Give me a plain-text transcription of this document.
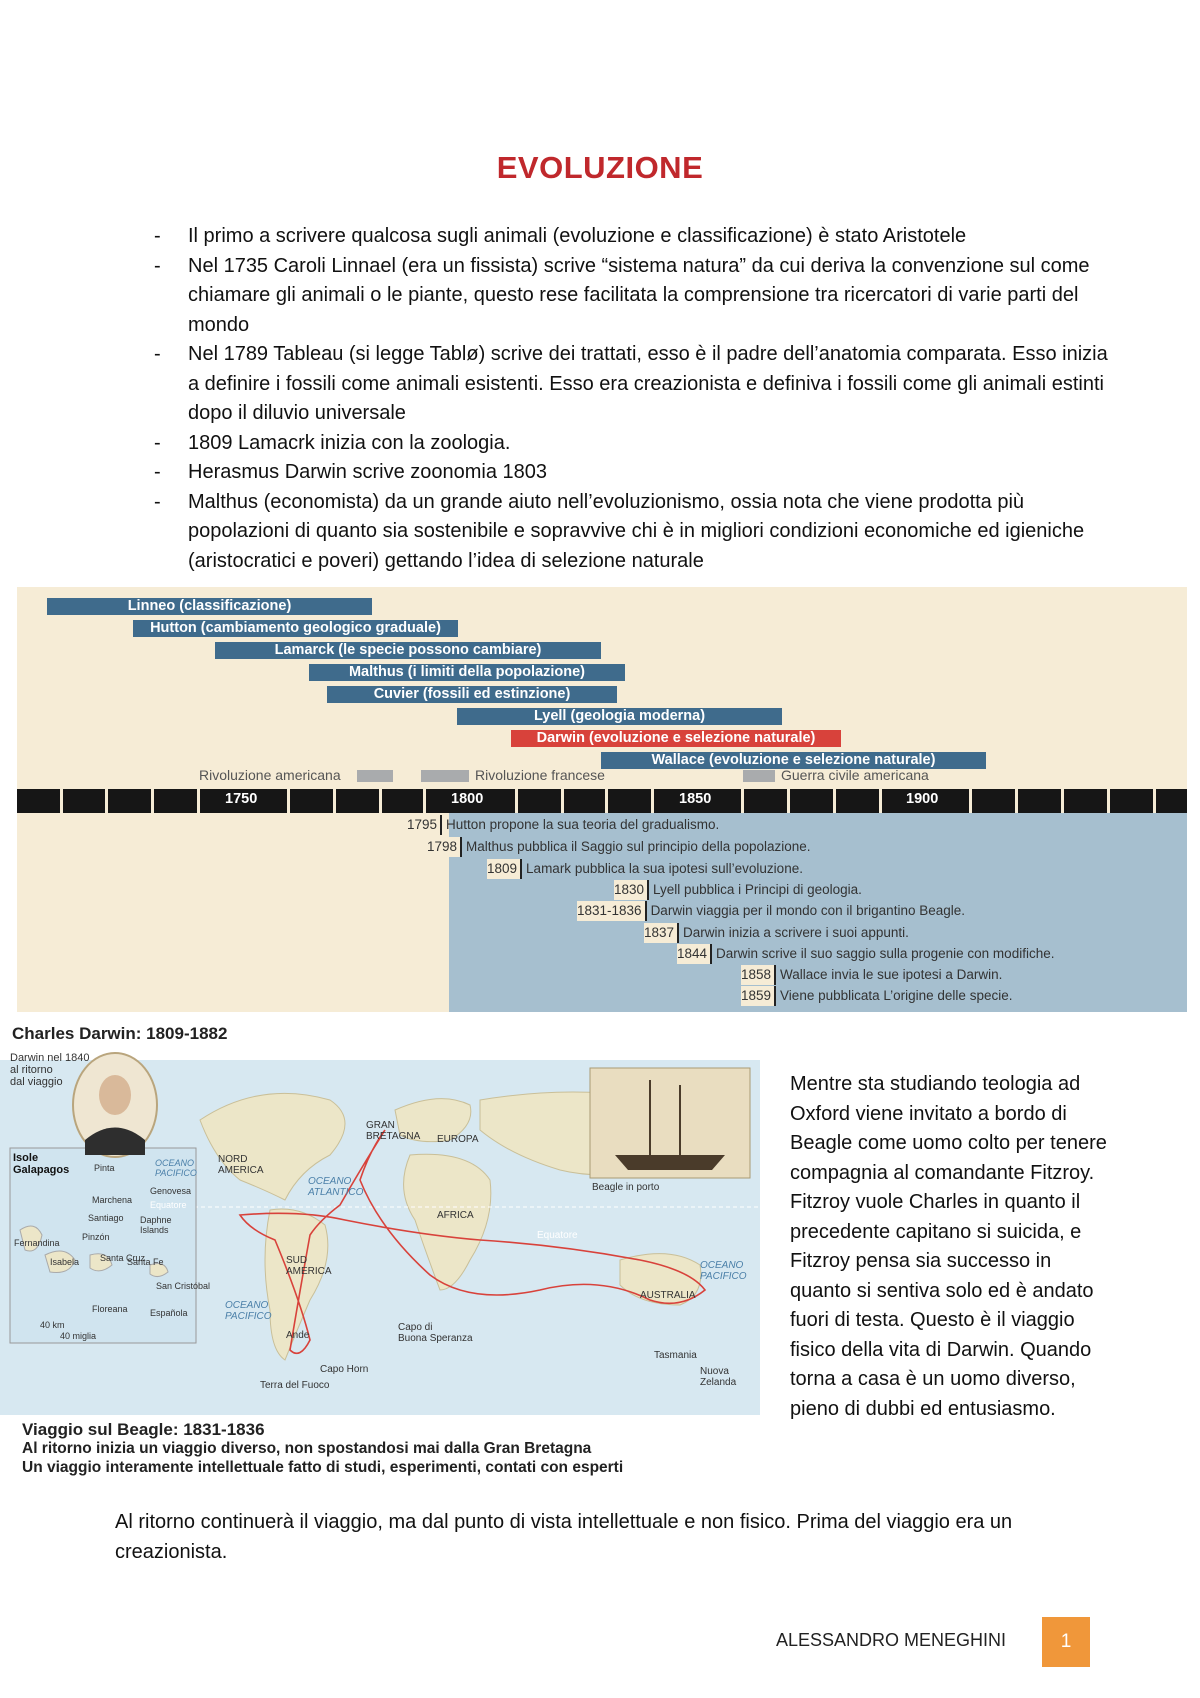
EVOLUZIONE
- Il primo a scrivere qualcosa sugli animali (evoluzione e classificazione) è stato Aristotele
- Nel 1735 Caroli Linnael (era un fissista) scrive “sistema natura” da cui deriva la convenzione sul come chiamare gli animali o le piante, questo rese facilitata la comprensione tra ricercatori di varie parti del mondo
- Nel 1789 Tableau (si legge Tablø) scrive dei trattati, esso è il padre dell’anatomia comparata. Esso inizia a definire i fossili come animali esistenti. Esso era creazionista e definiva i fossili come gli animali estinti dopo il diluvio universale
- 1809 Lamacrk inizia con la zoologia.
- Herasmus Darwin scrive zoonomia 1803
- Malthus (economista) da un grande aiuto nell’evoluzionismo, ossia nota che viene prodotta più popolazioni di quanto sia sostenibile e sopravvive chi è in migliori condizioni economiche ed igieniche (aristocratici e poveri) gettando l’idea di selezione naturale
Linneo (classificazione)
Hutton (cambiamento geologico graduale)
Lamarck (le specie possono cambiare)
Malthus (i limiti della popolazione)
Cuvier (fossili ed estinzione)
Lyell (geologia moderna)
Darwin (evoluzione e selezione naturale)
Wallace (evoluzione e selezione naturale)
Rivoluzione americana	Rivoluzione francese	Guerra civile americana
1750	1800	1850	1900
1795 Hutton propone la sua teoria del gradualismo.
1798 Malthus pubblica il Saggio sul principio della popolazione.
1809 Lamark pubblica la sua ipotesi sull’evoluzione.
1830 Lyell pubblica i Principi di geologia.
1831-1836 Darwin viaggia per il mondo con il brigantino Beagle.
1837 Darwin inizia a scrivere i suoi appunti.
1844 Darwin scrive il suo saggio sulla progenie con modifiche.
1858 Wallace invia le sue ipotesi a Darwin.
1859 Viene pubblicata L’origine delle specie.
Charles Darwin: 1809-1882
Darwin nel 1840
al ritorno
dal viaggio
Beagle in porto
Isole
Galapagos	Pinta
Marchena
Genovesa
Santiago
Pinzón
Fernandina
Isabela Santa Cruz
Santa Fe
Daphne Islands
San Cristóbal
Floreana Española
OCEANO
PACIFICO
Equatore
40 km
40 miglia
NORD
AMERICA
GRAN
BRETAGNA EUROPA
OCEANO
ATLANTICO
AFRICA
SUD
AMERICA
OCEANO
PACIFICO
OCEANO
PACIFICO
Equatore
AUSTRALIA
Ande
Capo Horn
Terra del Fuoco
Capo di
Buona Speranza
Tasmania
Nuova
Zelanda

Mentre sta studiando teologia ad Oxford viene invitato a bordo di Beagle come uomo colto per tenere compagnia al comandante Fitzroy. Fitzroy vuole Charles in quanto il precedente capitano si suicida, e Fitzroy pensa sia successo in quanto si sentiva solo ed è andato fuori di testa. Questo è il viaggio fisico della vita di Darwin. Quando torna a casa è un uomo diverso, pieno di dubbi ed entusiasmo.

Viaggio sul Beagle: 1831-1836
Al ritorno inizia un viaggio diverso, non spostandosi mai dalla Gran Bretagna
Un viaggio interamente intellettuale fatto di studi, esperimenti, contati con esperti

Al ritorno continuerà il viaggio, ma dal punto di vista intellettuale e non fisico. Prima del viaggio era un creazionista.

ALESSANDRO MENEGHINI	1
